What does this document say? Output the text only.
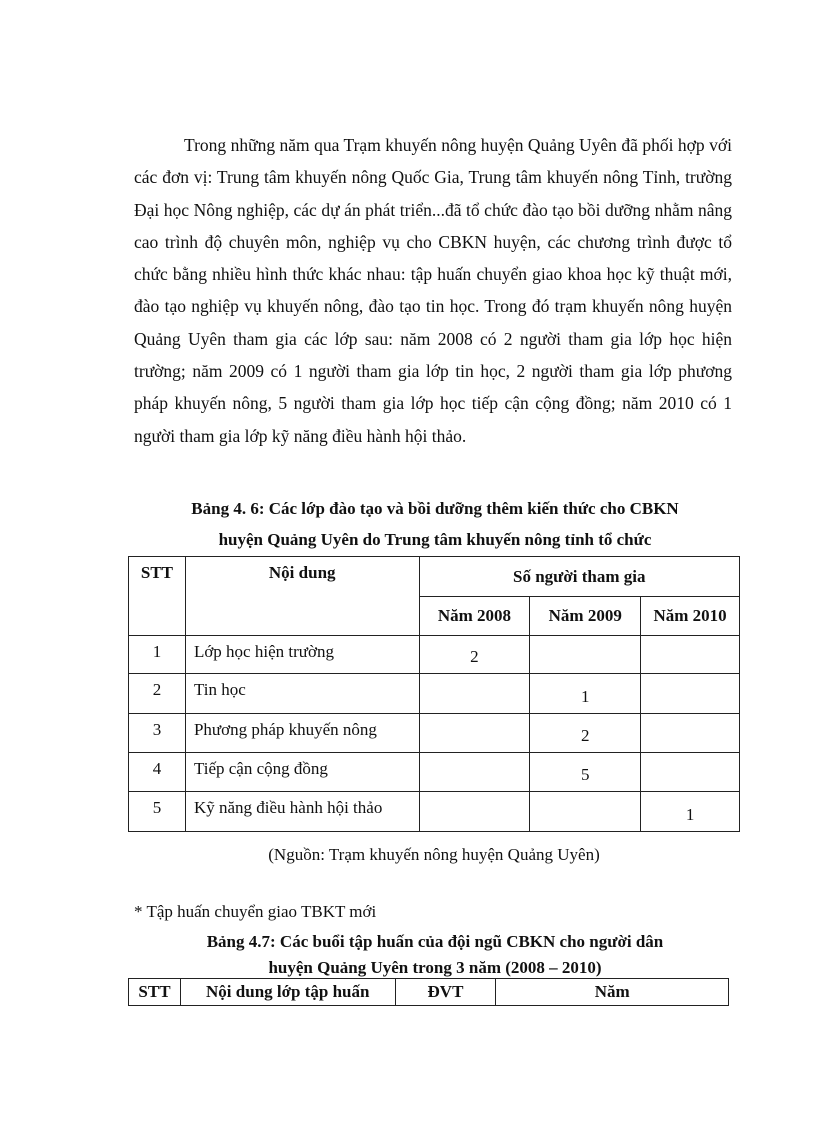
Trong những năm qua Trạm khuyến nông huyện Quảng Uyên đã phối hợp với các đơn vị: Trung tâm khuyến nông Quốc Gia, Trung tâm khuyến nông Tỉnh, trường Đại học Nông nghiệp, các dự án phát triển...đã tổ chức đào tạo bồi dưỡng nhằm nâng cao trình độ chuyên môn, nghiệp vụ cho CBKN huyện, các chương trình được tổ chức bằng nhiều hình thức khác nhau: tập huấn chuyển giao khoa học kỹ thuật mới, đào tạo nghiệp vụ khuyến nông, đào tạo tin học. Trong đó trạm khuyến nông huyện Quảng Uyên tham gia các lớp sau: năm 2008 có 2 người tham gia lớp học hiện trường; năm 2009 có 1 người tham gia lớp tin học, 2 người tham gia lớp phương pháp khuyến nông, 5 người tham gia lớp học tiếp cận cộng đồng; năm 2010 có 1 người tham gia lớp kỹ năng điều hành hội thảo.

Bảng 4. 6: Các lớp đào tạo và bồi dưỡng thêm kiến thức cho CBKN

huyện Quảng Uyên do Trung tâm khuyến nông tỉnh tổ chức

STT	Nội dung	Số người tham gia		
		Năm 2008	Năm 2009	Năm 2010
1	Lớp học hiện trường	2		
2	Tin học		1	
3	Phương pháp khuyến nông		2	
4	Tiếp cận cộng đồng		5	
5	Kỹ năng điều hành hội thảo			1

(Nguồn: Trạm khuyến nông huyện Quảng Uyên)

* Tập huấn chuyển giao TBKT mới

Bảng 4.7: Các buổi tập huấn của đội ngũ CBKN cho người dân

huyện Quảng Uyên trong 3 năm (2008 – 2010)

STT	Nội dung lớp tập huấn	ĐVT	Năm
